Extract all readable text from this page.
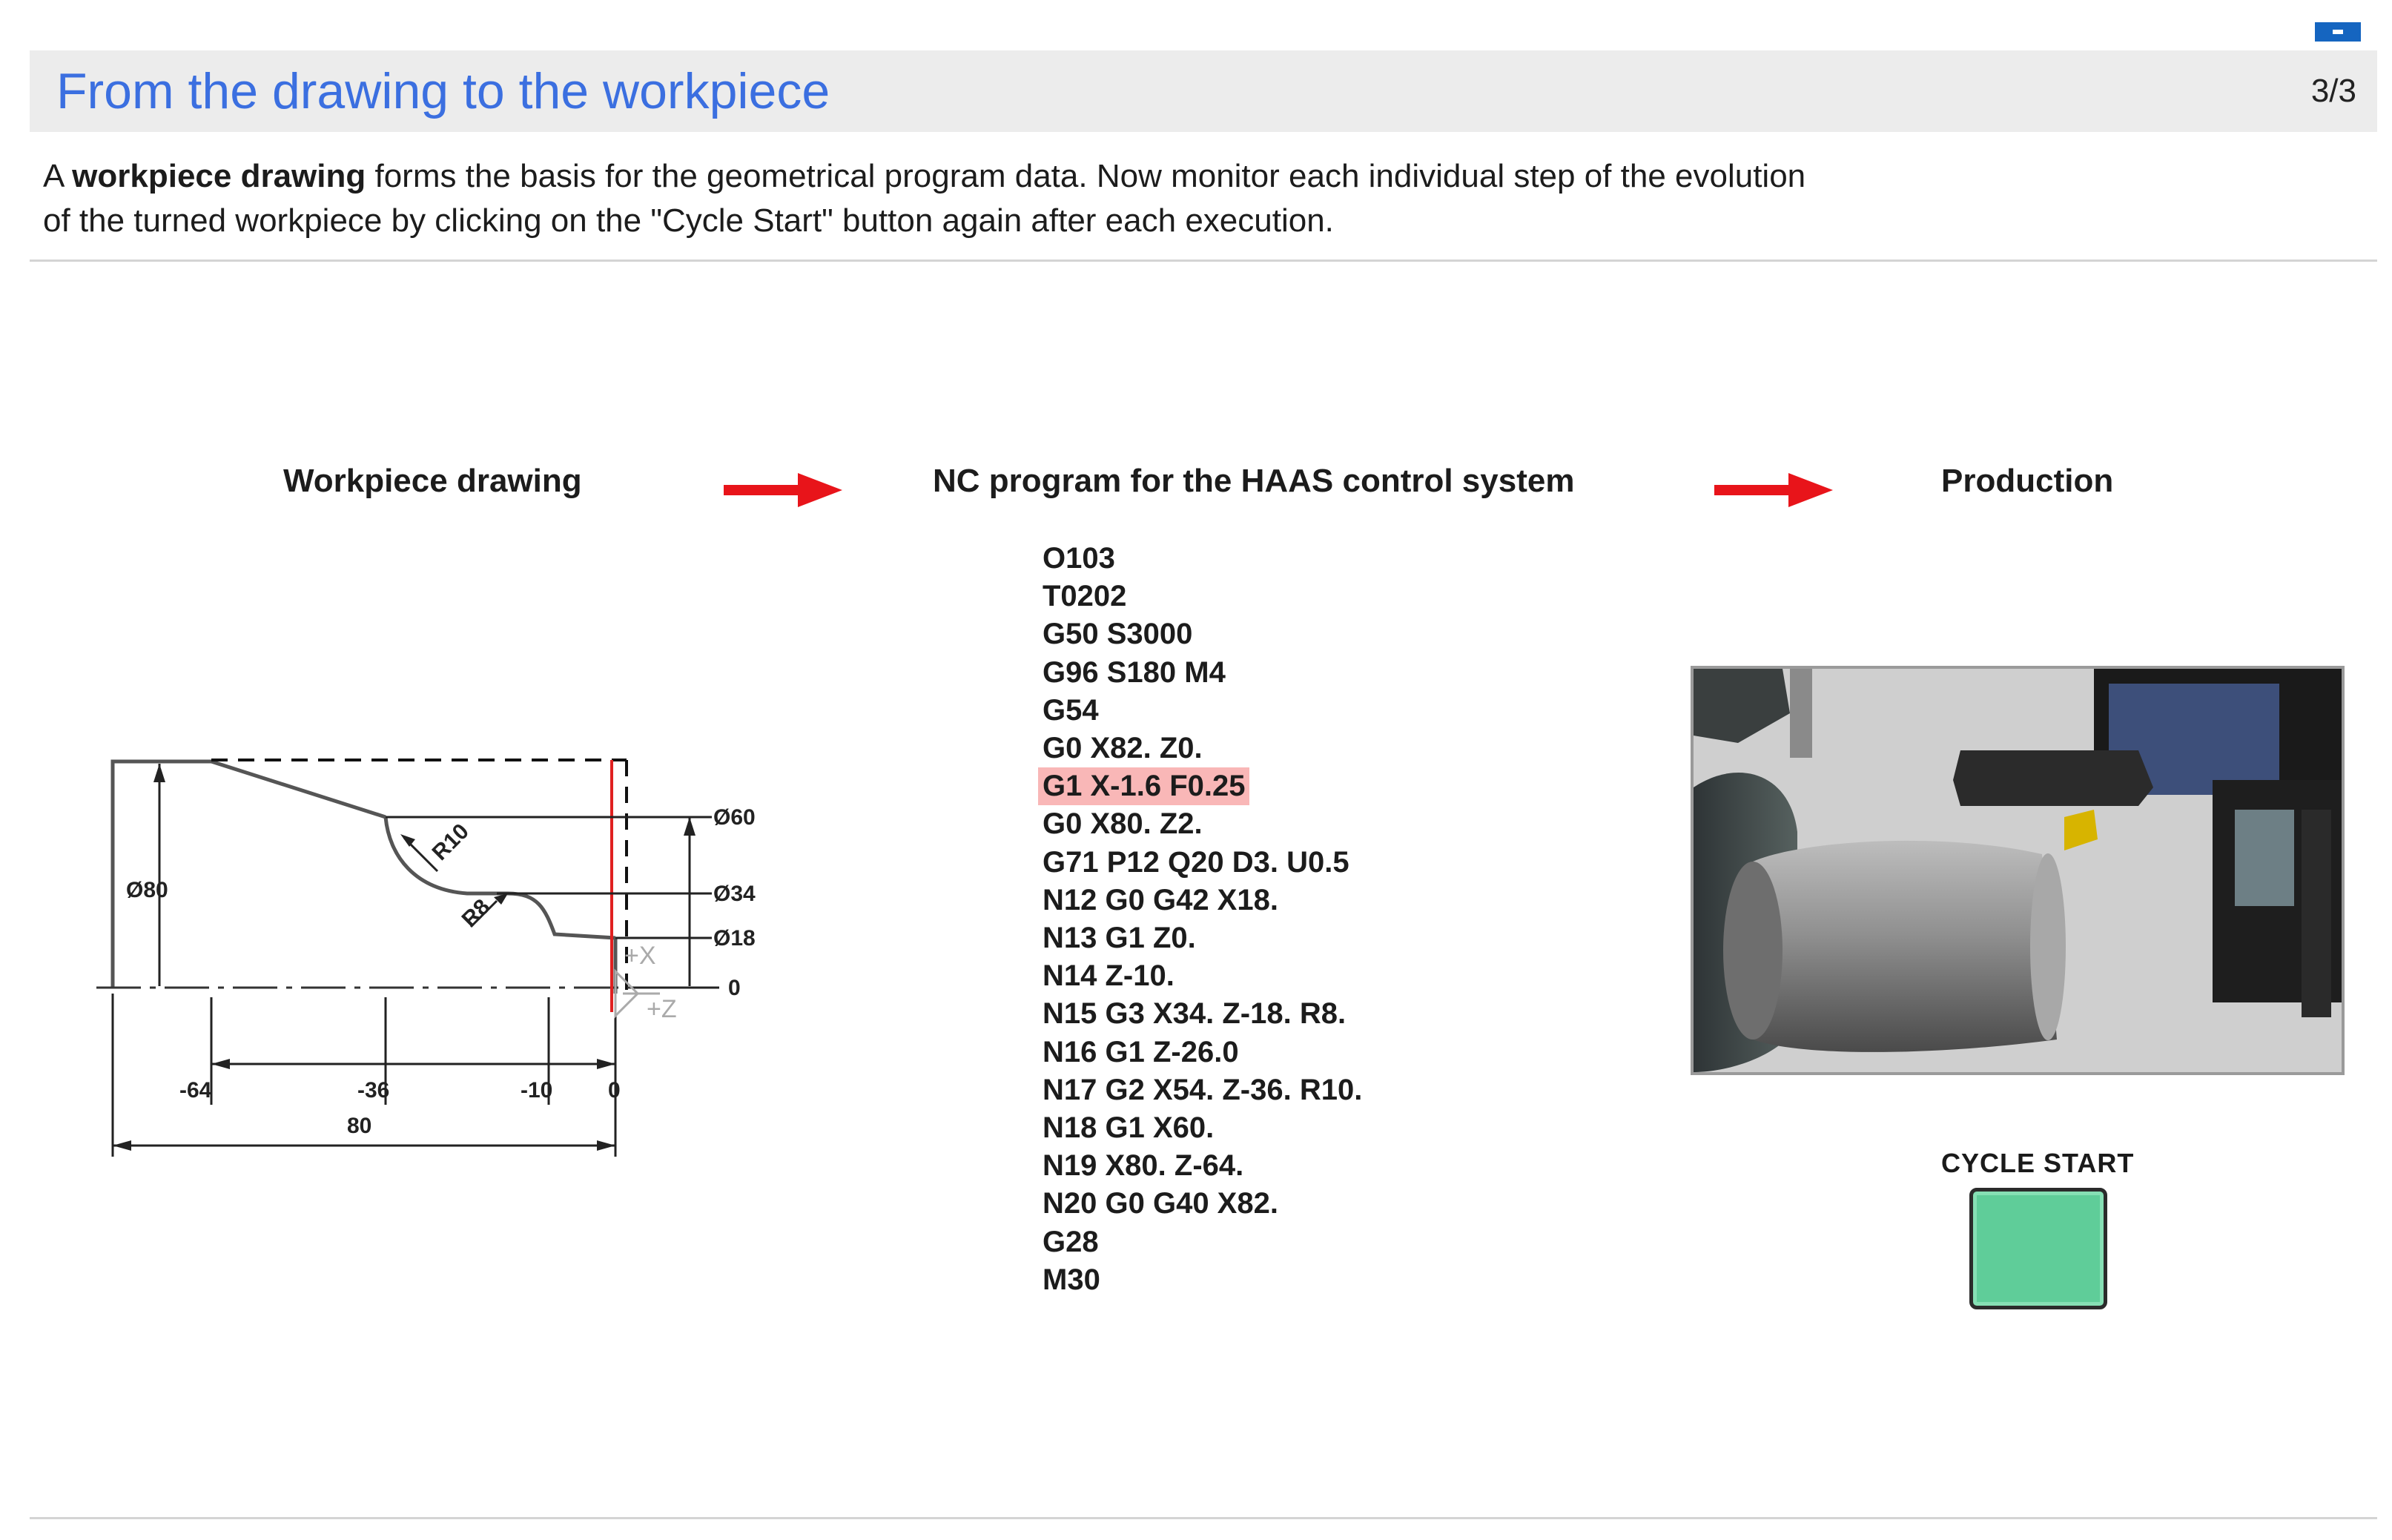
From the drawing to the workpiece	3/3
A workpiece drawing forms the basis for the geometrical program data. Now monitor each individual step of the evolution of the turned workpiece by clicking on the "Cycle Start" button again after each execution.
Workpiece drawing	NC program for the HAAS control system	Production
Ø80
Ø60
Ø34
Ø18
0
R10
R8
-64	-36	-10 0
80
+X
+Z
O103
T0202
G50 S3000
G96 S180 M4
G54
G0 X82. Z0.
G1 X-1.6 F0.25
G0 X80. Z2.
G71 P12 Q20 D3. U0.5
N12 G0 G42 X18.
N13 G1 Z0.
N14 Z-10.
N15 G3 X34. Z-18. R8.
N16 G1 Z-26.0
N17 G2 X54. Z-36. R10.
N18 G1 X60.
N19 X80. Z-64.
N20 G0 G40 X82.
G28
M30
CYCLE START
